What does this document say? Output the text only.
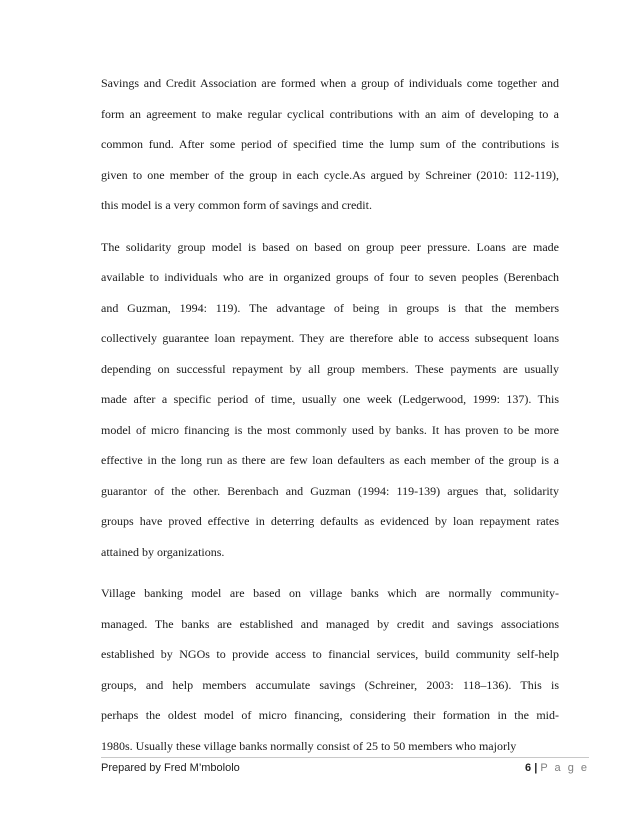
Savings and Credit Association are formed when a group of individuals come together and
form an agreement to make regular cyclical contributions with an aim of developing to a
common fund. After some period of specified time the lump sum of the contributions is
given to one member of the group in each cycle.As argued by Schreiner (2010: 112-119),
this model is a very common form of savings and credit.
The solidarity group model is based on based on group peer pressure. Loans are made
available to individuals who are in organized groups of four to seven peoples (Berenbach
and Guzman, 1994: 119). The advantage of being in groups is that the members
collectively guarantee loan repayment. They are therefore able to access subsequent loans
depending on successful repayment by all group members. These payments are usually
made after a specific period of time, usually one week (Ledgerwood, 1999: 137). This
model of micro financing is the most commonly used by banks. It has proven to be more
effective in the long run as there are few loan defaulters as each member of the group is a
guarantor of the other. Berenbach and Guzman (1994: 119-139) argues that, solidarity
groups have proved effective in deterring defaults as evidenced by loan repayment rates
attained by organizations.
Village banking model are based on village banks which are normally community-
managed. The banks are established and managed by credit and savings associations
established by NGOs to provide access to financial services, build community self-help
groups, and help members accumulate savings (Schreiner, 2003: 118–136). This is
perhaps the oldest model of micro financing, considering their formation in the mid-
1980s. Usually these village banks normally consist of 25 to 50 members who majorly
Prepared by Fred M’mbololo	6 | P a g e
